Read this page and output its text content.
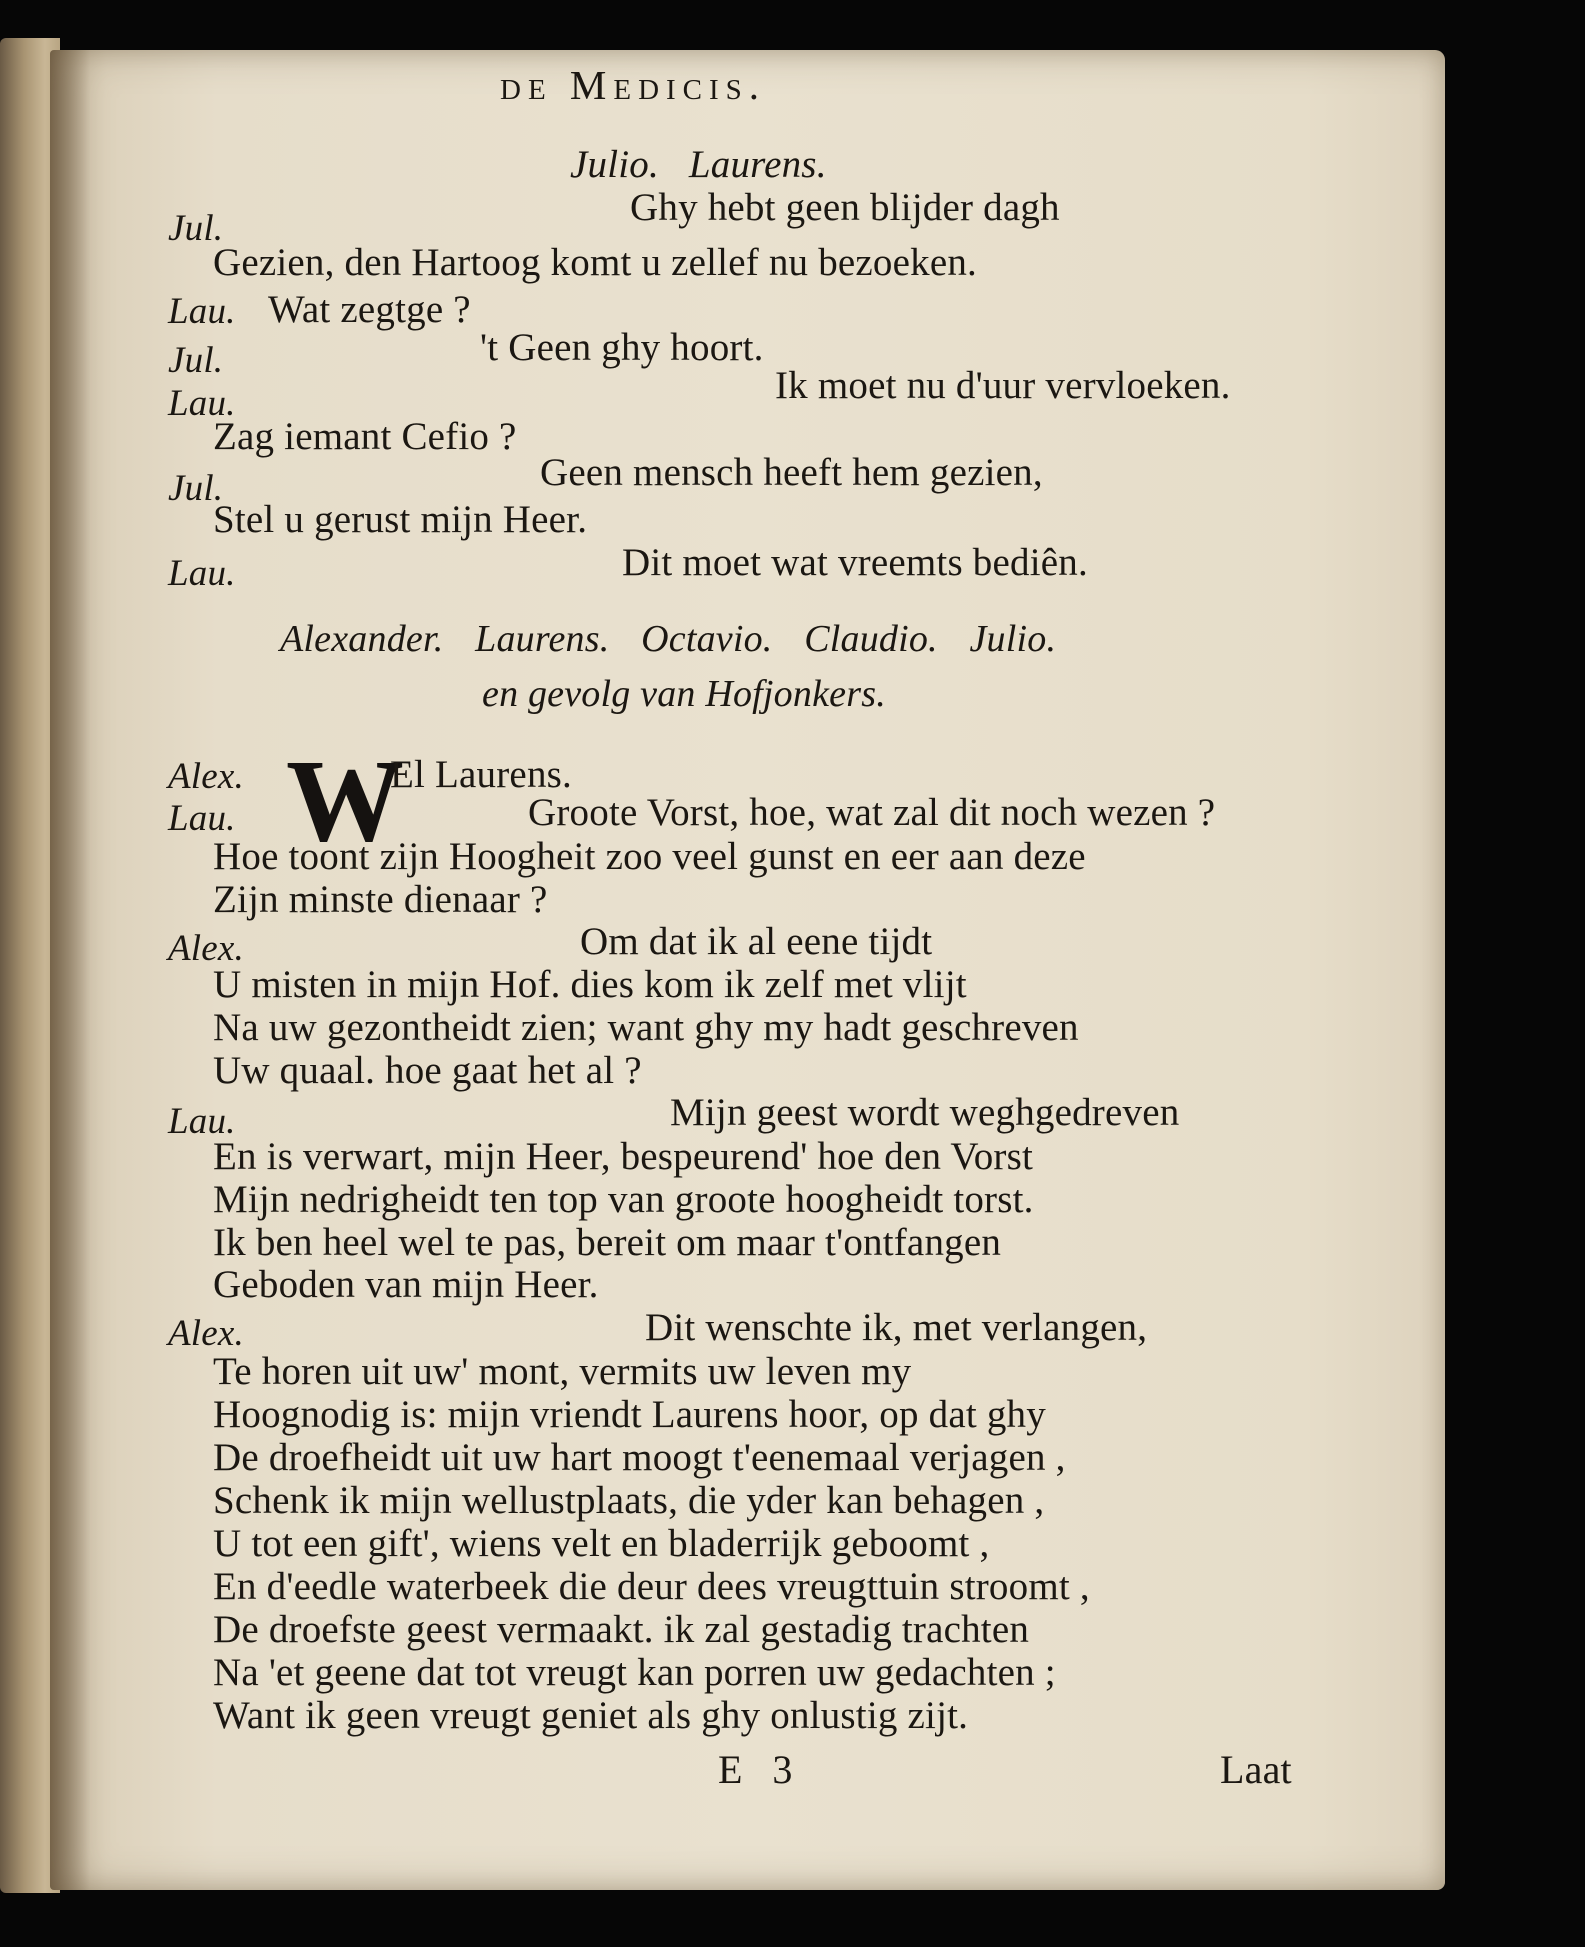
de Medicis.
Julio. Laurens.
Jul.	Ghy hebt geen blijder dagh
Gezien, den Hartoog komt u zellef nu bezoeken.
Lau. Wat zegtge ?
Jul.	't Geen ghy hoort.
Lau.	Ik moet nu d'uur vervloeken.
Zag iemant Cefio ?
Jul.	Geen mensch heeft hem gezien,
Stel u gerust mijn Heer.
Lau.	Dit moet wat vreemts bediên.
Alexander. Laurens. Octavio. Claudio. Julio.
en gevolg van Hofjonkers.
Alex. W
El Laurens.
Lau.	Groote Vorst, hoe, wat zal dit noch wezen ?
Hoe toont zijn Hoogheit zoo veel gunst en eer aan deze
Zijn minste dienaar ?
Alex.	Om dat ik al eene tijdt
U misten in mijn Hof. dies kom ik zelf met vlijt
Na uw gezontheidt zien; want ghy my hadt geschreven
Uw quaal. hoe gaat het al ?
Lau.	Mijn geest wordt weghgedreven
En is verwart, mijn Heer, bespeurend' hoe den Vorst
Mijn nedrigheidt ten top van groote hoogheidt torst.
Ik ben heel wel te pas, bereit om maar t'ontfangen
Geboden van mijn Heer.
Alex.	Dit wenschte ik, met verlangen,
Te horen uit uw' mont, vermits uw leven my
Hoognodig is: mijn vriendt Laurens hoor, op dat ghy
De droefheidt uit uw hart moogt t'eenemaal verjagen ,
Schenk ik mijn wellustplaats, die yder kan behagen ,
U tot een gift', wiens velt en bladerrijk geboomt ,
En d'eedle waterbeek die deur dees vreugttuin stroomt ,
De droefste geest vermaakt. ik zal gestadig trachten
Na 'et geene dat tot vreugt kan porren uw gedachten ;
Want ik geen vreugt geniet als ghy onlustig zijt.
E 3	Laat
